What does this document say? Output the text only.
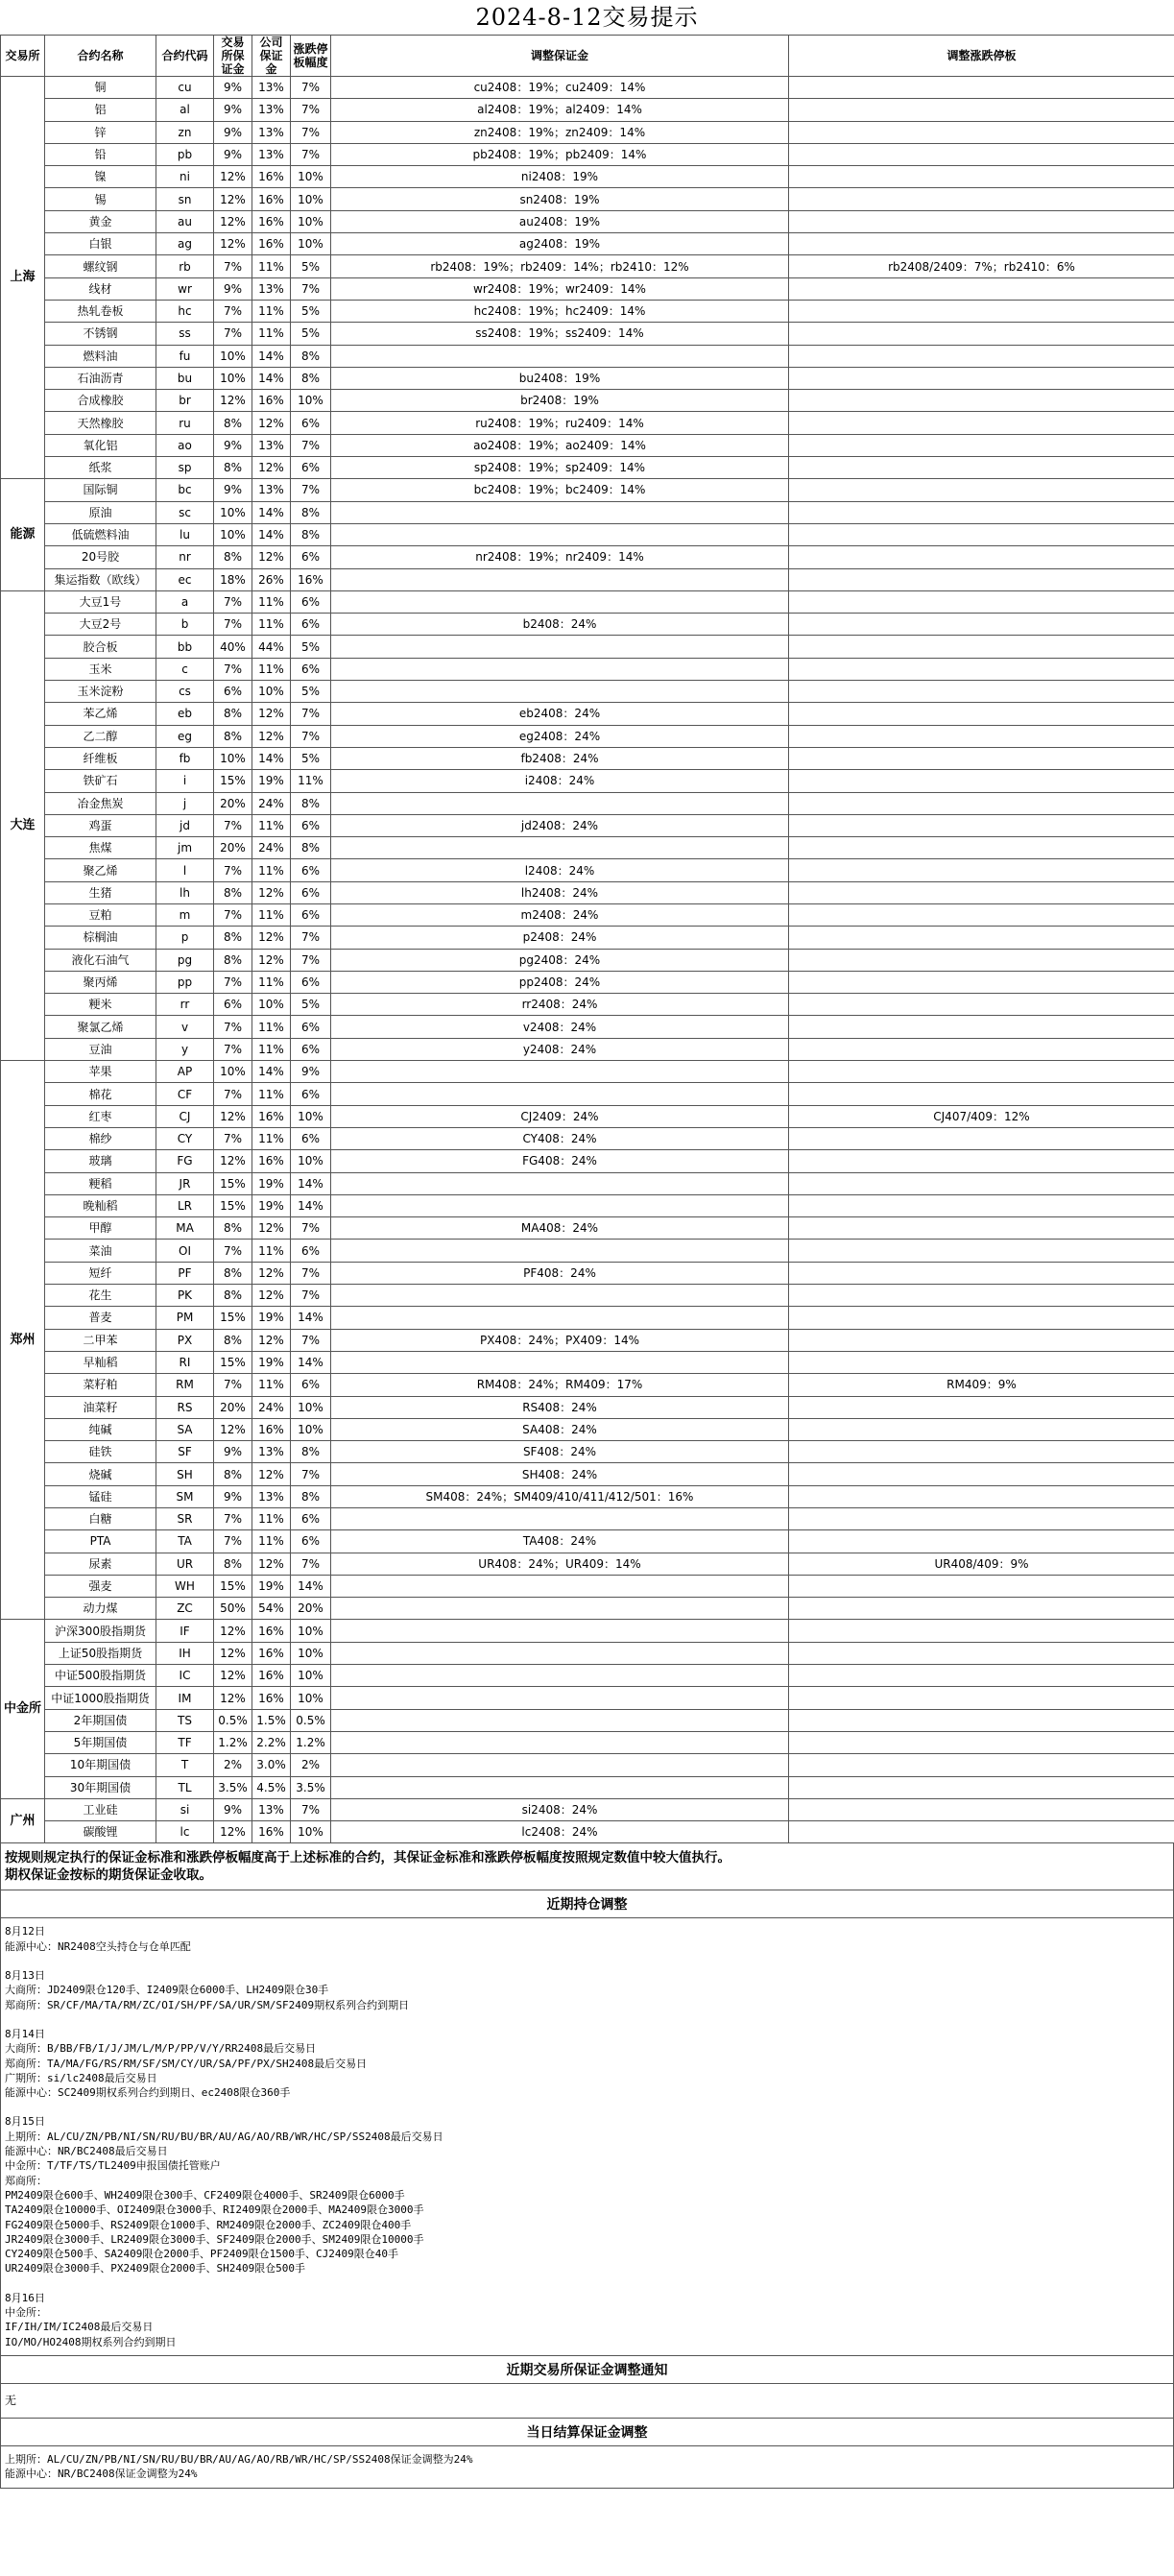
2024-8-12交易提示
交易所	合约名称	合约代码	交易所保证金	公司保证金	涨跌停板幅度	调整保证金	调整涨跌停板
上海	铜	cu	9%	13%	7%	cu2408：19%；cu2409：14%	
	铝	al	9%	13%	7%	al2408：19%；al2409：14%	
	锌	zn	9%	13%	7%	zn2408：19%；zn2409：14%	
	铅	pb	9%	13%	7%	pb2408：19%；pb2409：14%	
	镍	ni	12%	16%	10%	ni2408：19%	
	锡	sn	12%	16%	10%	sn2408：19%	
	黄金	au	12%	16%	10%	au2408：19%	
	白银	ag	12%	16%	10%	ag2408：19%	
	螺纹钢	rb	7%	11%	5%	rb2408：19%；rb2409：14%；rb2410：12%	rb2408/2409：7%；rb2410：6%
	线材	wr	9%	13%	7%	wr2408：19%；wr2409：14%	
	热轧卷板	hc	7%	11%	5%	hc2408：19%；hc2409：14%	
	不锈钢	ss	7%	11%	5%	ss2408：19%；ss2409：14%	
	燃料油	fu	10%	14%	8%		
	石油沥青	bu	10%	14%	8%	bu2408：19%	
	合成橡胶	br	12%	16%	10%	br2408：19%	
	天然橡胶	ru	8%	12%	6%	ru2408：19%；ru2409：14%	
	氧化铝	ao	9%	13%	7%	ao2408：19%；ao2409：14%	
	纸浆	sp	8%	12%	6%	sp2408：19%；sp2409：14%	
能源	国际铜	bc	9%	13%	7%	bc2408：19%；bc2409：14%	
	原油	sc	10%	14%	8%		
	低硫燃料油	lu	10%	14%	8%		
	20号胶	nr	8%	12%	6%	nr2408：19%；nr2409：14%	
	集运指数（欧线）	ec	18%	26%	16%		
大连	大豆1号	a	7%	11%	6%		
	大豆2号	b	7%	11%	6%	b2408：24%	
	胶合板	bb	40%	44%	5%		
	玉米	c	7%	11%	6%		
	玉米淀粉	cs	6%	10%	5%		
	苯乙烯	eb	8%	12%	7%	eb2408：24%	
	乙二醇	eg	8%	12%	7%	eg2408：24%	
	纤维板	fb	10%	14%	5%	fb2408：24%	
	铁矿石	i	15%	19%	11%	i2408：24%	
	冶金焦炭	j	20%	24%	8%		
	鸡蛋	jd	7%	11%	6%	jd2408：24%	
	焦煤	jm	20%	24%	8%		
	聚乙烯	l	7%	11%	6%	l2408：24%	
	生猪	lh	8%	12%	6%	lh2408：24%	
	豆粕	m	7%	11%	6%	m2408：24%	
	棕榈油	p	8%	12%	7%	p2408：24%	
	液化石油气	pg	8%	12%	7%	pg2408：24%	
	聚丙烯	pp	7%	11%	6%	pp2408：24%	
	粳米	rr	6%	10%	5%	rr2408：24%	
	聚氯乙烯	v	7%	11%	6%	v2408：24%	
	豆油	y	7%	11%	6%	y2408：24%	
郑州	苹果	AP	10%	14%	9%		
	棉花	CF	7%	11%	6%		
	红枣	CJ	12%	16%	10%	CJ2409：24%	CJ407/409：12%
	棉纱	CY	7%	11%	6%	CY408：24%	
	玻璃	FG	12%	16%	10%	FG408：24%	
	粳稻	JR	15%	19%	14%		
	晚籼稻	LR	15%	19%	14%		
	甲醇	MA	8%	12%	7%	MA408：24%	
	菜油	OI	7%	11%	6%		
	短纤	PF	8%	12%	7%	PF408：24%	
	花生	PK	8%	12%	7%		
	普麦	PM	15%	19%	14%		
	二甲苯	PX	8%	12%	7%	PX408：24%；PX409：14%	
	早籼稻	RI	15%	19%	14%		
	菜籽粕	RM	7%	11%	6%	RM408：24%；RM409：17%	RM409：9%
	油菜籽	RS	20%	24%	10%	RS408：24%	
	纯碱	SA	12%	16%	10%	SA408：24%	
	硅铁	SF	9%	13%	8%	SF408：24%	
	烧碱	SH	8%	12%	7%	SH408：24%	
	锰硅	SM	9%	13%	8%	SM408：24%；SM409/410/411/412/501：16%	
	白糖	SR	7%	11%	6%		
	PTA	TA	7%	11%	6%	TA408：24%	
	尿素	UR	8%	12%	7%	UR408：24%；UR409：14%	UR408/409：9%
	强麦	WH	15%	19%	14%		
	动力煤	ZC	50%	54%	20%		
中金所	沪深300股指期货	IF	12%	16%	10%		
	上证50股指期货	IH	12%	16%	10%		
	中证500股指期货	IC	12%	16%	10%		
	中证1000股指期货	IM	12%	16%	10%		
	2年期国债	TS	0.5%	1.5%	0.5%		
	5年期国债	TF	1.2%	2.2%	1.2%		
	10年期国债	T	2%	3.0%	2%		
	30年期国债	TL	3.5%	4.5%	3.5%		
广州	工业硅	si	9%	13%	7%	si2408：24%	
	碳酸锂	lc	12%	16%	10%	lc2408：24%	
按规则规定执行的保证金标准和涨跌停板幅度高于上述标准的合约，其保证金标准和涨跌停板幅度按照规定数值中较大值执行。
期权保证金按标的期货保证金收取。
近期持仓调整
8月12日
能源中心：NR2408空头持仓与仓单匹配
8月13日
大商所：JD2409限仓120手、I2409限仓6000手、LH2409限仓30手
郑商所：SR/CF/MA/TA/RM/ZC/OI/SH/PF/SA/UR/SM/SF2409期权系列合约到期日
8月14日
大商所：B/BB/FB/I/J/JM/L/M/P/PP/V/Y/RR2408最后交易日
郑商所：TA/MA/FG/RS/RM/SF/SM/CY/UR/SA/PF/PX/SH2408最后交易日
广期所：si/lc2408最后交易日
能源中心：SC2409期权系列合约到期日、ec2408限仓360手
8月15日
上期所：AL/CU/ZN/PB/NI/SN/RU/BU/BR/AU/AG/AO/RB/WR/HC/SP/SS2408最后交易日
能源中心：NR/BC2408最后交易日
中金所：T/TF/TS/TL2409申报国债托管账户
郑商所：
PM2409限仓600手、WH2409限仓300手、CF2409限仓4000手、SR2409限仓6000手
TA2409限仓10000手、OI2409限仓3000手、RI2409限仓2000手、MA2409限仓3000手
FG2409限仓5000手、RS2409限仓1000手、RM2409限仓2000手、ZC2409限仓400手
JR2409限仓3000手、LR2409限仓3000手、SF2409限仓2000手、SM2409限仓10000手
CY2409限仓500手、SA2409限仓2000手、PF2409限仓1500手、CJ2409限仓40手
UR2409限仓3000手、PX2409限仓2000手、SH2409限仓500手
8月16日
中金所：
IF/IH/IM/IC2408最后交易日
IO/MO/HO2408期权系列合约到期日
近期交易所保证金调整通知
无
当日结算保证金调整
上期所：AL/CU/ZN/PB/NI/SN/RU/BU/BR/AU/AG/AO/RB/WR/HC/SP/SS2408保证金调整为24%
能源中心：NR/BC2408保证金调整为24%
